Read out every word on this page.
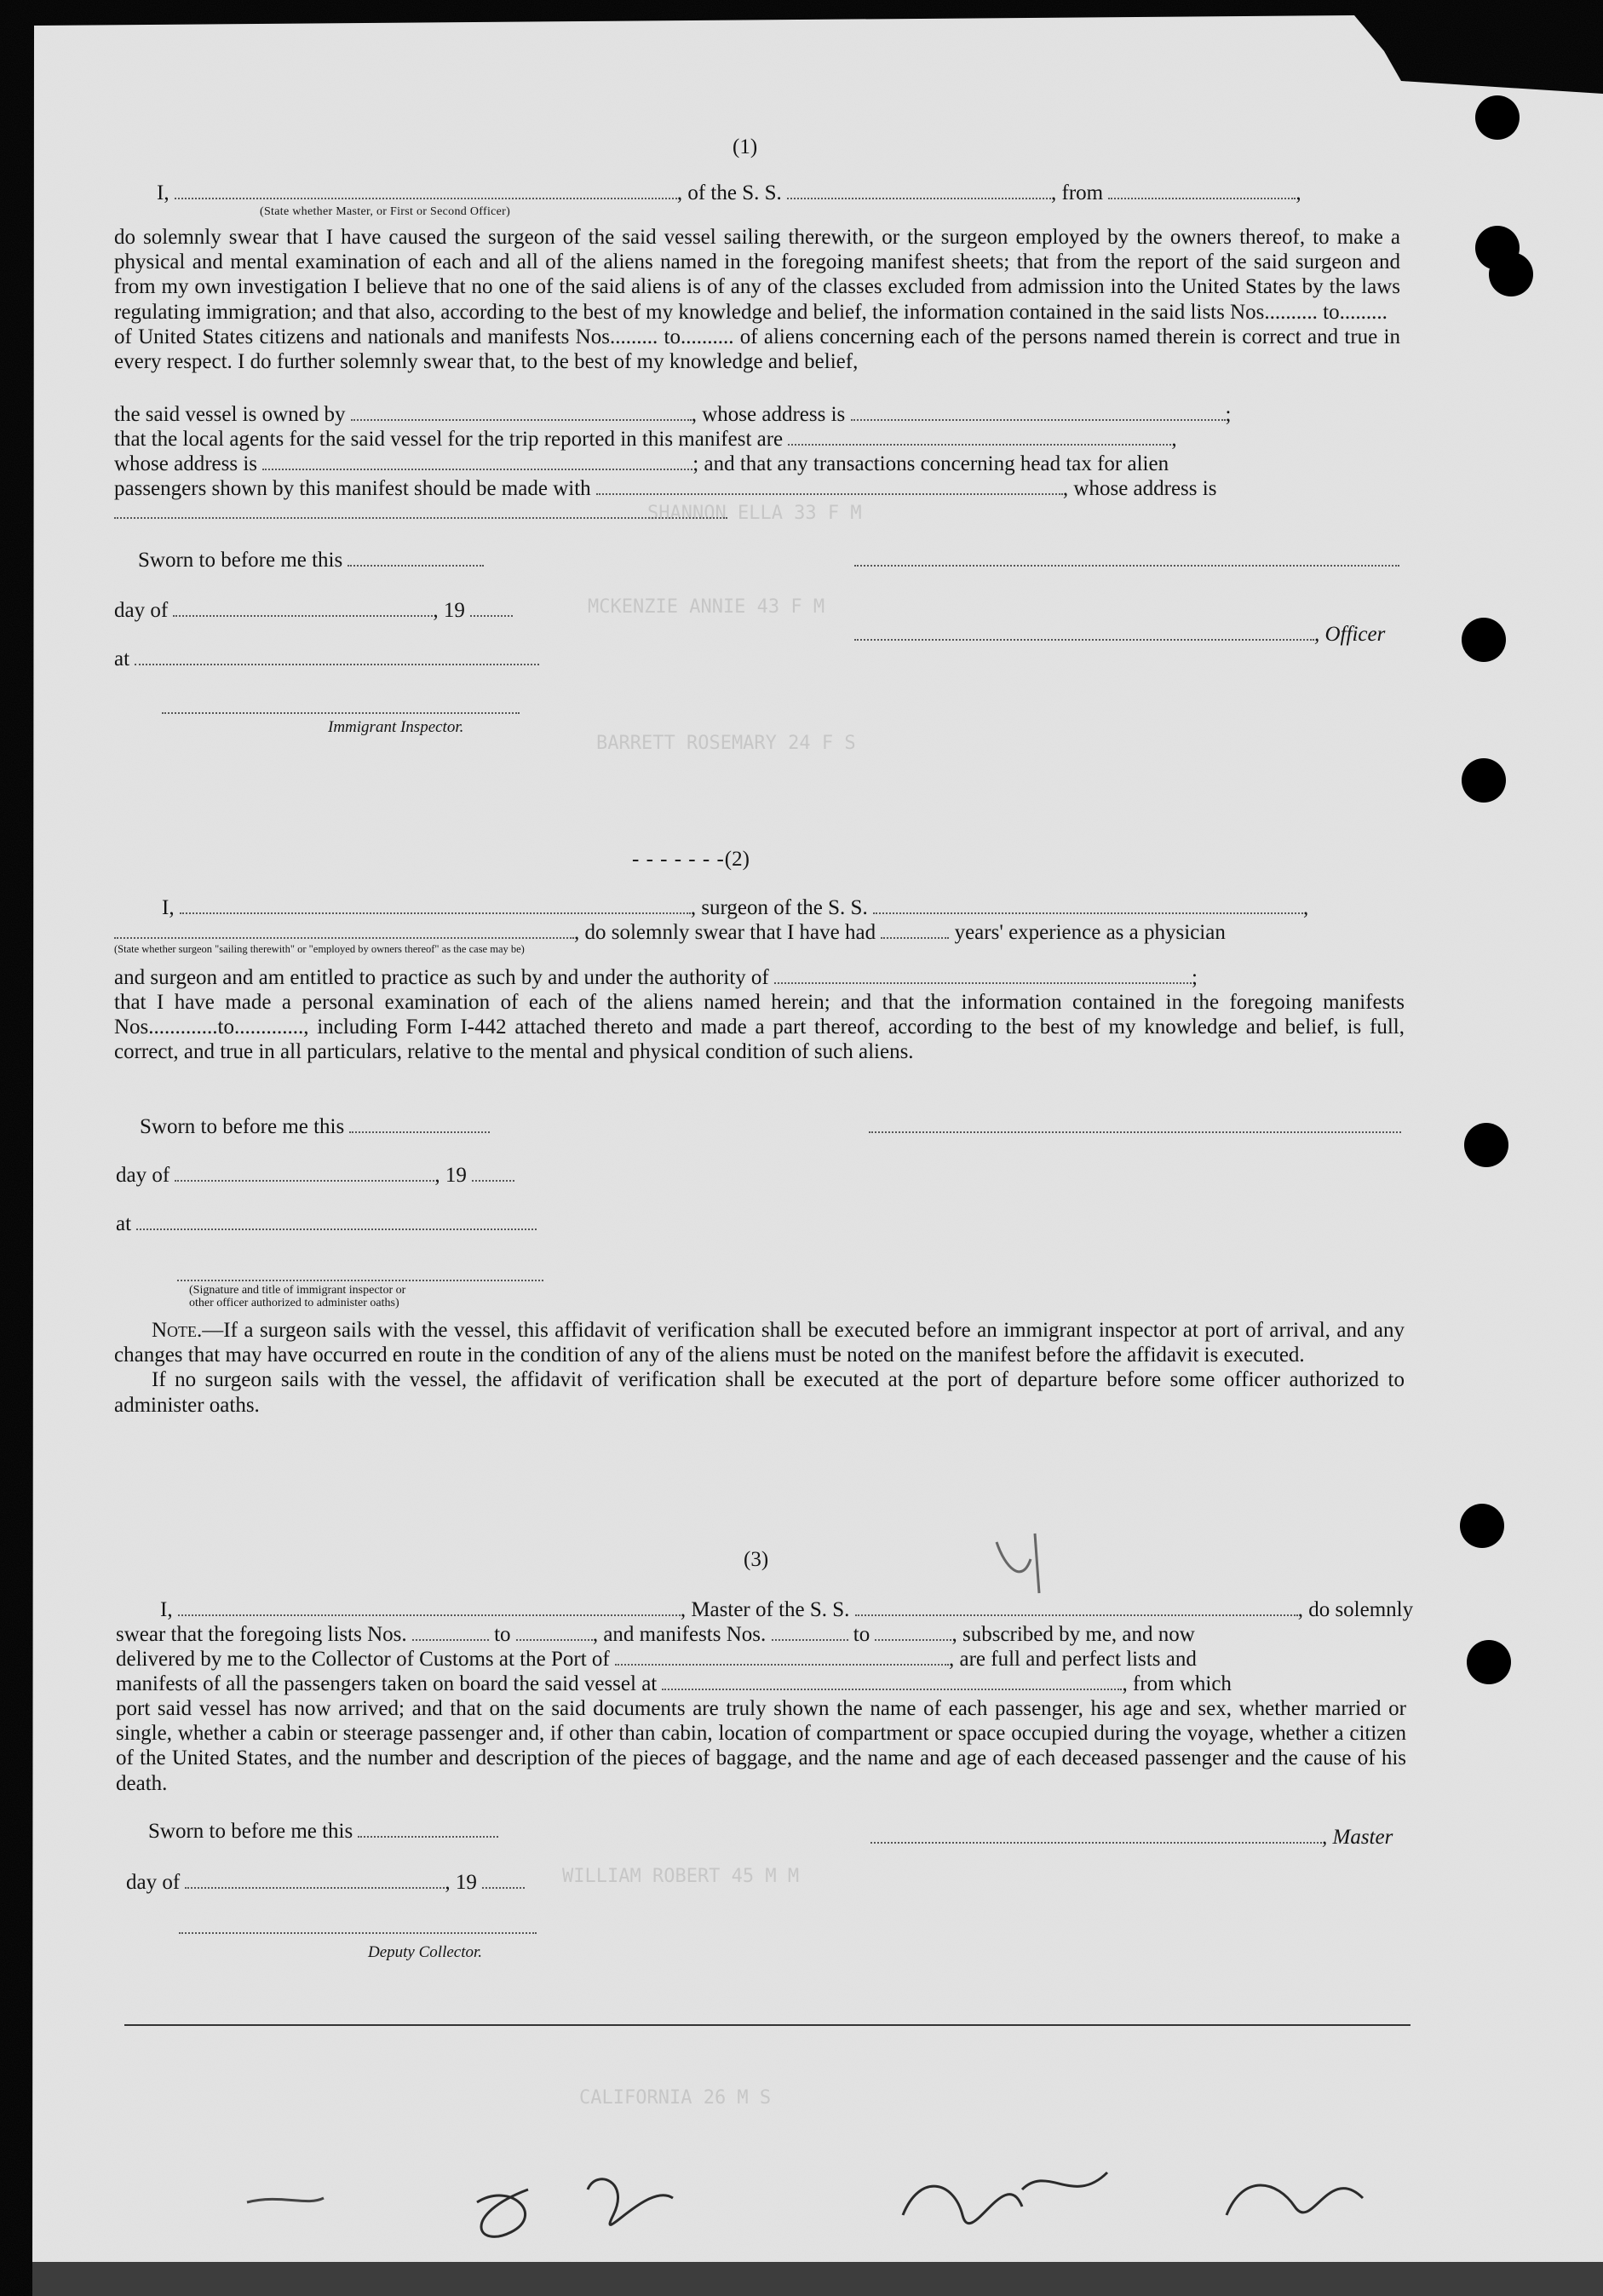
SHANNON ELLA 33 F M
MCKENZIE ANNIE 43 F M
BARRETT ROSEMARY 24 F S
WILLIAM ROBERT 45 M M
CALIFORNIA 26 M S
(1)
I,	, of the S. S.	, from	,
(State whether Master, or First or Second Officer)

do solemnly swear that I have caused the surgeon of the said vessel sailing therewith, or the surgeon employed by the owners thereof, to make a physical and mental examination of each and all of the aliens named in the foregoing manifest sheets; that from the report of the said surgeon and from my own investigation I believe that no one of the said aliens is of any of the classes excluded from admission into the United States by the laws regulating immigration; and that also, according to the best of my knowledge and belief, the information contained in the said lists Nos.......... to.........

of United States citizens and nationals and manifests Nos......... to.......... of aliens concerning each of the persons named therein is correct and true in every respect. I do further solemnly swear that, to the best of my knowledge and belief,

the said vessel is owned by	, whose address is	;
that the local agents for the said vessel for the trip reported in this manifest are	,
whose address is	; and that any transactions concerning head tax for alien
passengers shown by this manifest should be made with	, whose address is
Sworn to before me this
day of	, 19
, Officer
at
Immigrant Inspector.
- - - - - - -(2)
I,	, surgeon of the S. S.	,
, do solemnly swear that I have had	years' experience as a physician
(State whether surgeon "sailing therewith" or "employed by owners thereof" as the case may be)
and surgeon and am entitled to practice as such by and under the authority of	;

that I have made a personal examination of each of the aliens named herein; and that the information contained in the foregoing manifests Nos.............to............., including Form I-442 attached thereto and made a part thereof, according to the best of my knowledge and belief, is full, correct, and true in all particulars, relative to the mental and physical condition of such aliens.

Sworn to before me this
day of	, 19
at
(Signature and title of immigrant inspector or
other officer authorized to administer oaths)

Note.—If a surgeon sails with the vessel, this affidavit of verification shall be executed before an immigrant inspector at port of arrival, and any changes that may have occurred en route in the condition of any of the aliens must be noted on the manifest before the affidavit is executed.

If no surgeon sails with the vessel, the affidavit of verification shall be executed at the port of departure before some officer authorized to administer oaths.

(3)
I,	, Master of the S. S.	, do solemnly
swear that the foregoing lists Nos.	to	, and manifests Nos.	to	, subscribed by me, and now
delivered by me to the Collector of Customs at the Port of	, are full and perfect lists and
manifests of all the passengers taken on board the said vessel at	, from which

port said vessel has now arrived; and that on the said documents are truly shown the name of each passenger, his age and sex, whether married or single, whether a cabin or steerage passenger and, if other than cabin, location of compartment or space occupied during the voyage, whether a citizen of the United States, and the number and description of the pieces of baggage, and the name and age of each deceased passenger and the cause of his death.

Sworn to before me this	, Master
day of	, 19
Deputy Collector.
